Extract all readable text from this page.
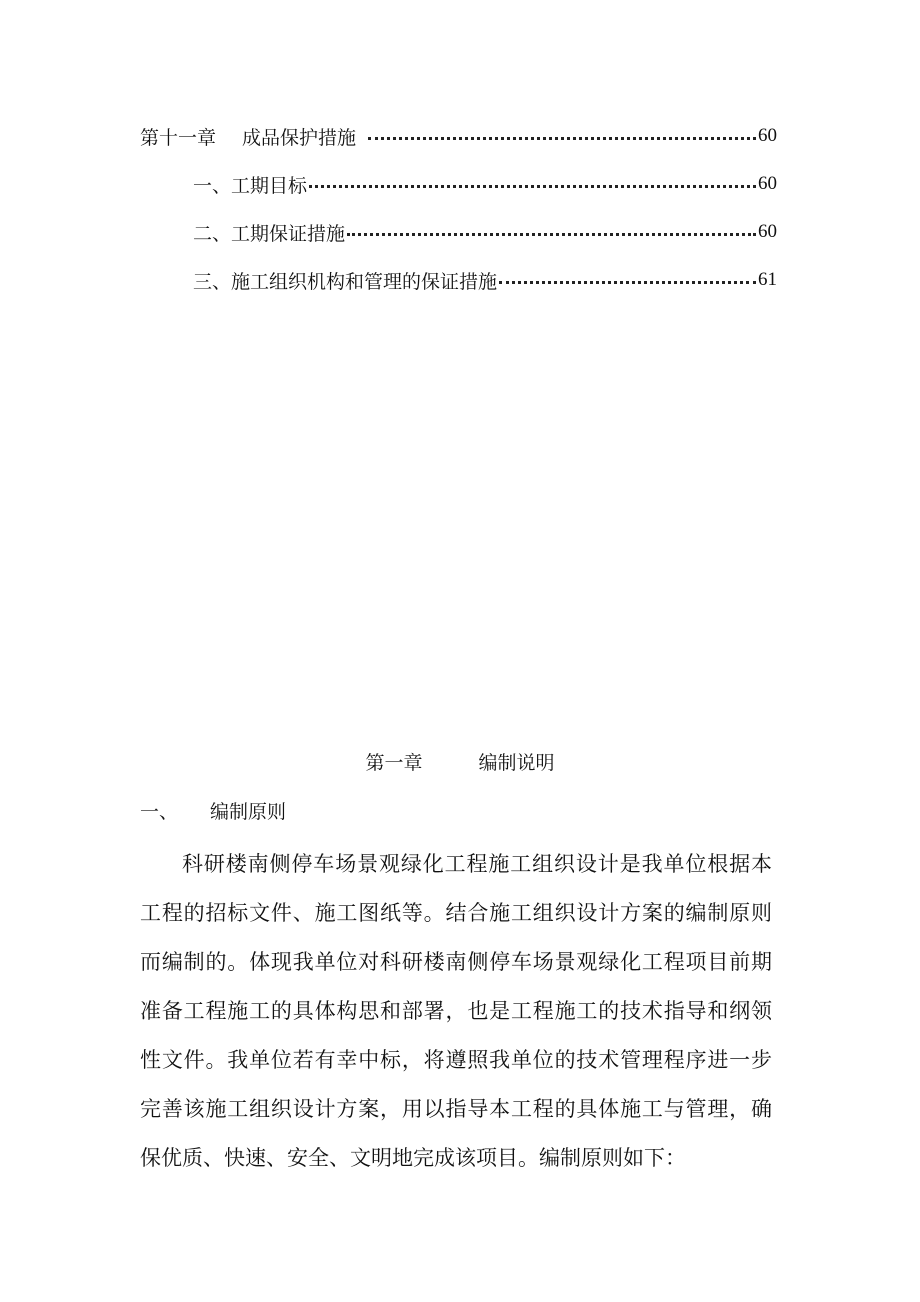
第十一章 成品保护措施	60
一、工期目标	60
二、工期保证措施	60
三、施工组织机构和管理的保证措施	61
第一章	编制说明
一、 编制原则
科研楼南侧停车场景观绿化工程施工组织设计是我单位根据本
工程的招标文件、施工图纸等。结合施工组织设计方案的编制原则
而编制的。体现我单位对科研楼南侧停车场景观绿化工程项目前期
准备工程施工的具体构思和部署，也是工程施工的技术指导和纲领
性文件。我单位若有幸中标，将遵照我单位的技术管理程序进一步
完善该施工组织设计方案，用以指导本工程的具体施工与管理，确
保优质、快速、安全、文明地完成该项目。编制原则如下：
